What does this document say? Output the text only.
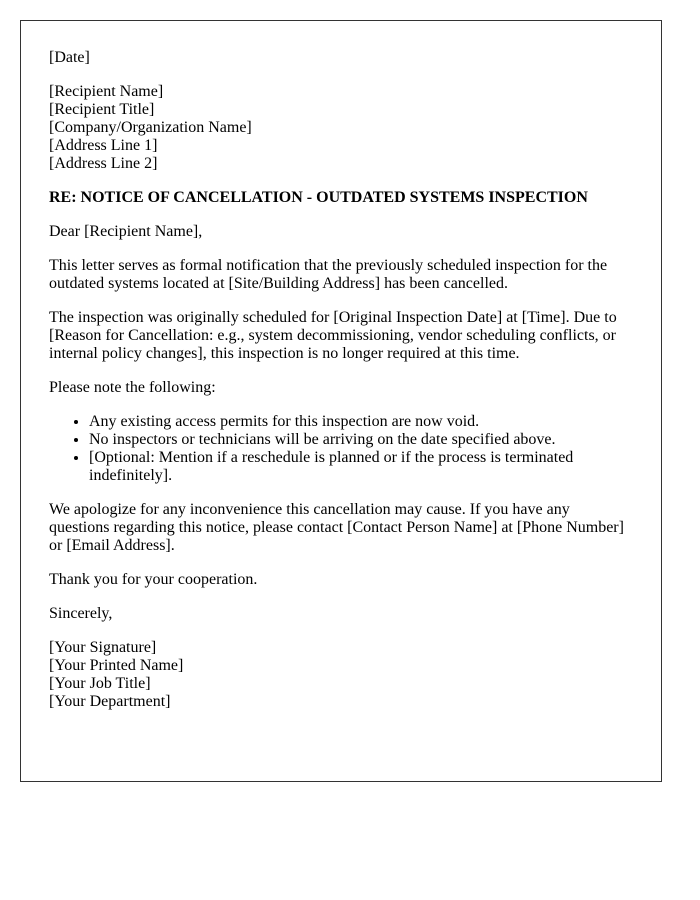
[Date]

[Recipient Name]
[Recipient Title]
[Company/Organization Name]
[Address Line 1]
[Address Line 2]

RE: NOTICE OF CANCELLATION - OUTDATED SYSTEMS INSPECTION

Dear [Recipient Name],

This letter serves as formal notification that the previously scheduled inspection for the outdated systems located at [Site/Building Address] has been cancelled.

The inspection was originally scheduled for [Original Inspection Date] at [Time]. Due to [Reason for Cancellation: e.g., system decommissioning, vendor scheduling conflicts, or internal policy changes], this inspection is no longer required at this time.

Please note the following:

• Any existing access permits for this inspection are now void.
• No inspectors or technicians will be arriving on the date specified above.
• [Optional: Mention if a reschedule is planned or if the process is terminated indefinitely].

We apologize for any inconvenience this cancellation may cause. If you have any questions regarding this notice, please contact [Contact Person Name] at [Phone Number] or [Email Address].

Thank you for your cooperation.

Sincerely,

[Your Signature]
[Your Printed Name]
[Your Job Title]
[Your Department]
